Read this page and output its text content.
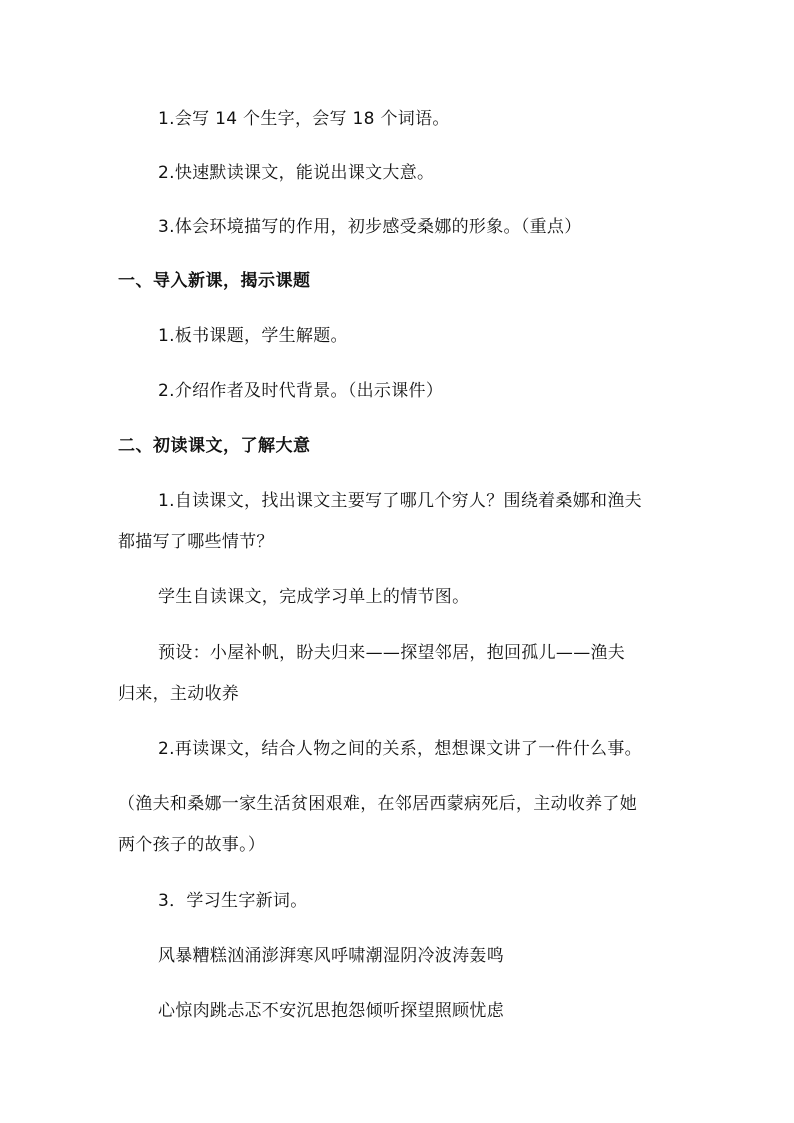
1.会写 14 个生字，会写 18 个词语。
2.快速默读课文，能说出课文大意。
3.体会环境描写的作用，初步感受桑娜的形象。（重点）
一、导入新课，揭示课题
1.板书课题，学生解题。
2.介绍作者及时代背景。（出示课件）
二、初读课文，了解大意
1.自读课文，找出课文主要写了哪几个穷人？围绕着桑娜和渔夫
都描写了哪些情节？
学生自读课文，完成学习单上的情节图。
预设：小屋补帆，盼夫归来——探望邻居，抱回孤儿——渔夫
归来，主动收养
2.再读课文，结合人物之间的关系，想想课文讲了一件什么事。
（渔夫和桑娜一家生活贫困艰难，在邻居西蒙病死后，主动收养了她
两个孩子的故事。）
3．学习生字新词。
风暴糟糕汹涌澎湃寒风呼啸潮湿阴冷波涛轰鸣
心惊肉跳忐忑不安沉思抱怨倾听探望照顾忧虑
